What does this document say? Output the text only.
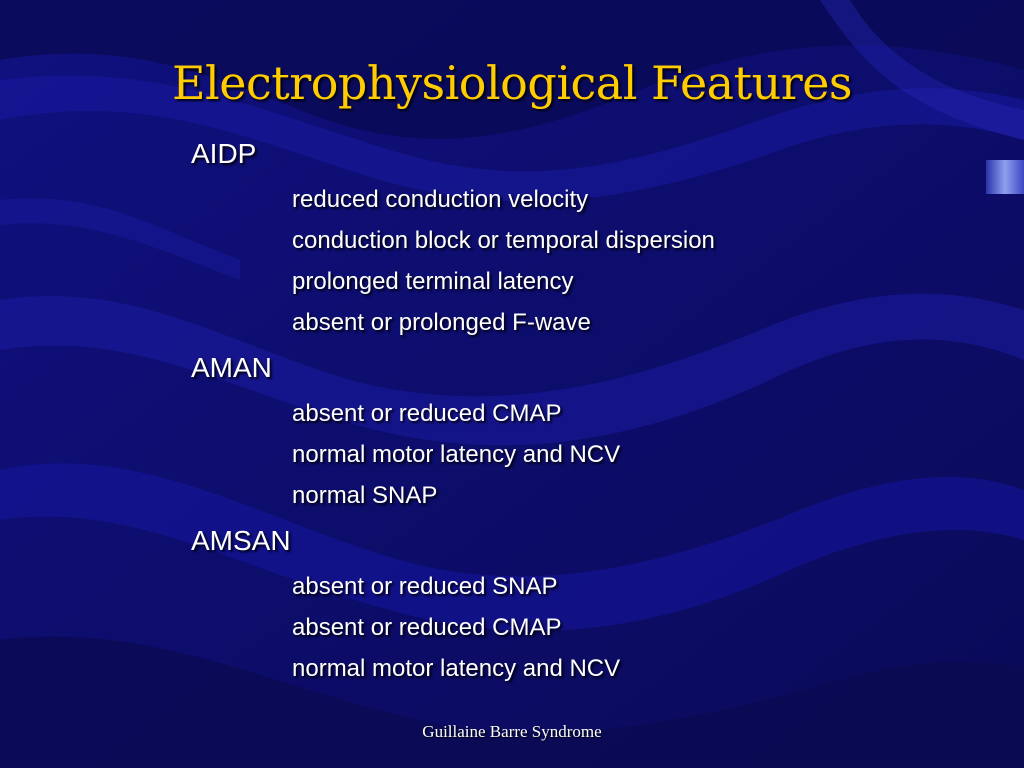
Electrophysiological Features
AIDP
reduced conduction velocity
conduction block or temporal dispersion
prolonged terminal latency
absent or prolonged F-wave
AMAN
absent or reduced CMAP
normal motor latency and NCV
normal SNAP
AMSAN
absent or reduced SNAP
absent or reduced CMAP
normal motor latency and NCV
Guillaine Barre Syndrome
